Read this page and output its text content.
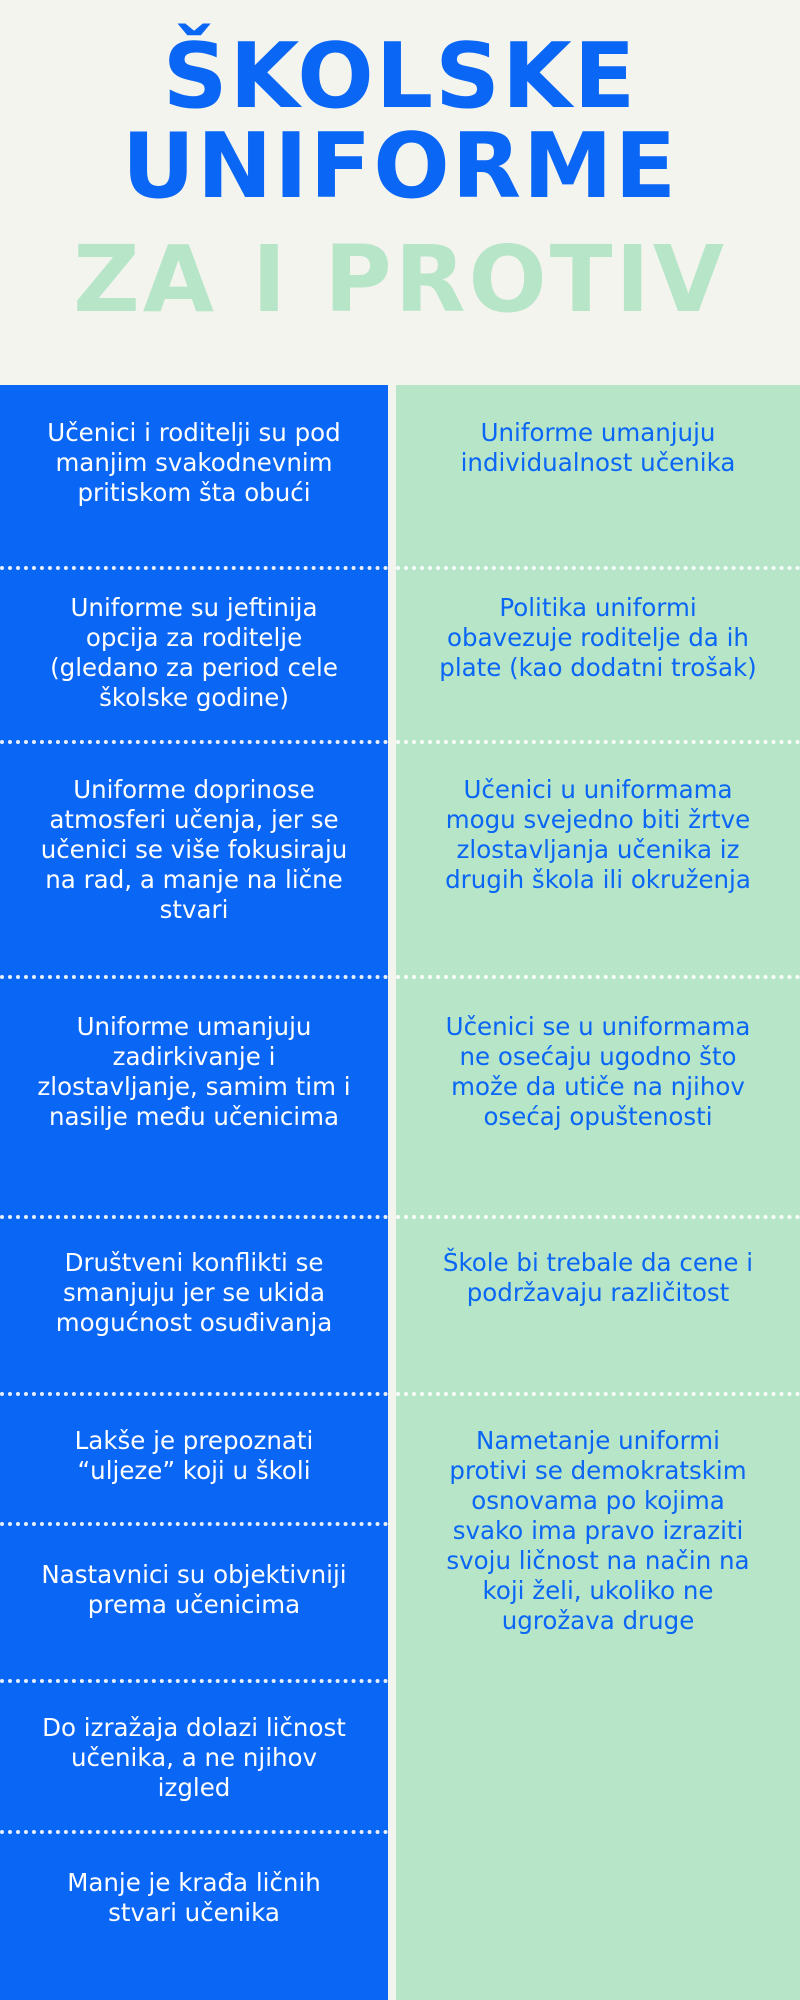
ŠKOLSKE
UNIFORME
ZA I PROTIV
Učenici i roditelji su pod manjim svakodnevnim pritiskom šta obući
Uniforme su jeftinija opcija za roditelje (gledano za period cele školske godine)
Uniforme doprinose atmosferi učenja, jer se učenici se više fokusiraju na rad, a manje na lične stvari
Uniforme umanjuju zadirkivanje i zlostavljanje, samim tim i nasilje među učenicima
Društveni konflikti se smanjuju jer se ukida mogućnost osuđivanja
Lakše je prepoznati “uljeze” koji u školi
Nastavnici su objektivniji prema učenicima
Do izražaja dolazi ličnost učenika, a ne njihov izgled
Manje je krađa ličnih stvari učenika
Uniforme umanjuju individualnost učenika
Politika uniformi obavezuje roditelje da ih plate (kao dodatni trošak)
Učenici u uniformama mogu svejedno biti žrtve zlostavljanja učenika iz drugih škola ili okruženja
Učenici se u uniformama ne osećaju ugodno što može da utiče na njihov osećaj opuštenosti
Škole bi trebale da cene i podržavaju različitost
Nametanje uniformi protivi se demokratskim osnovama po kojima svako ima pravo izraziti svoju ličnost na način na koji želi, ukoliko ne ugrožava druge
